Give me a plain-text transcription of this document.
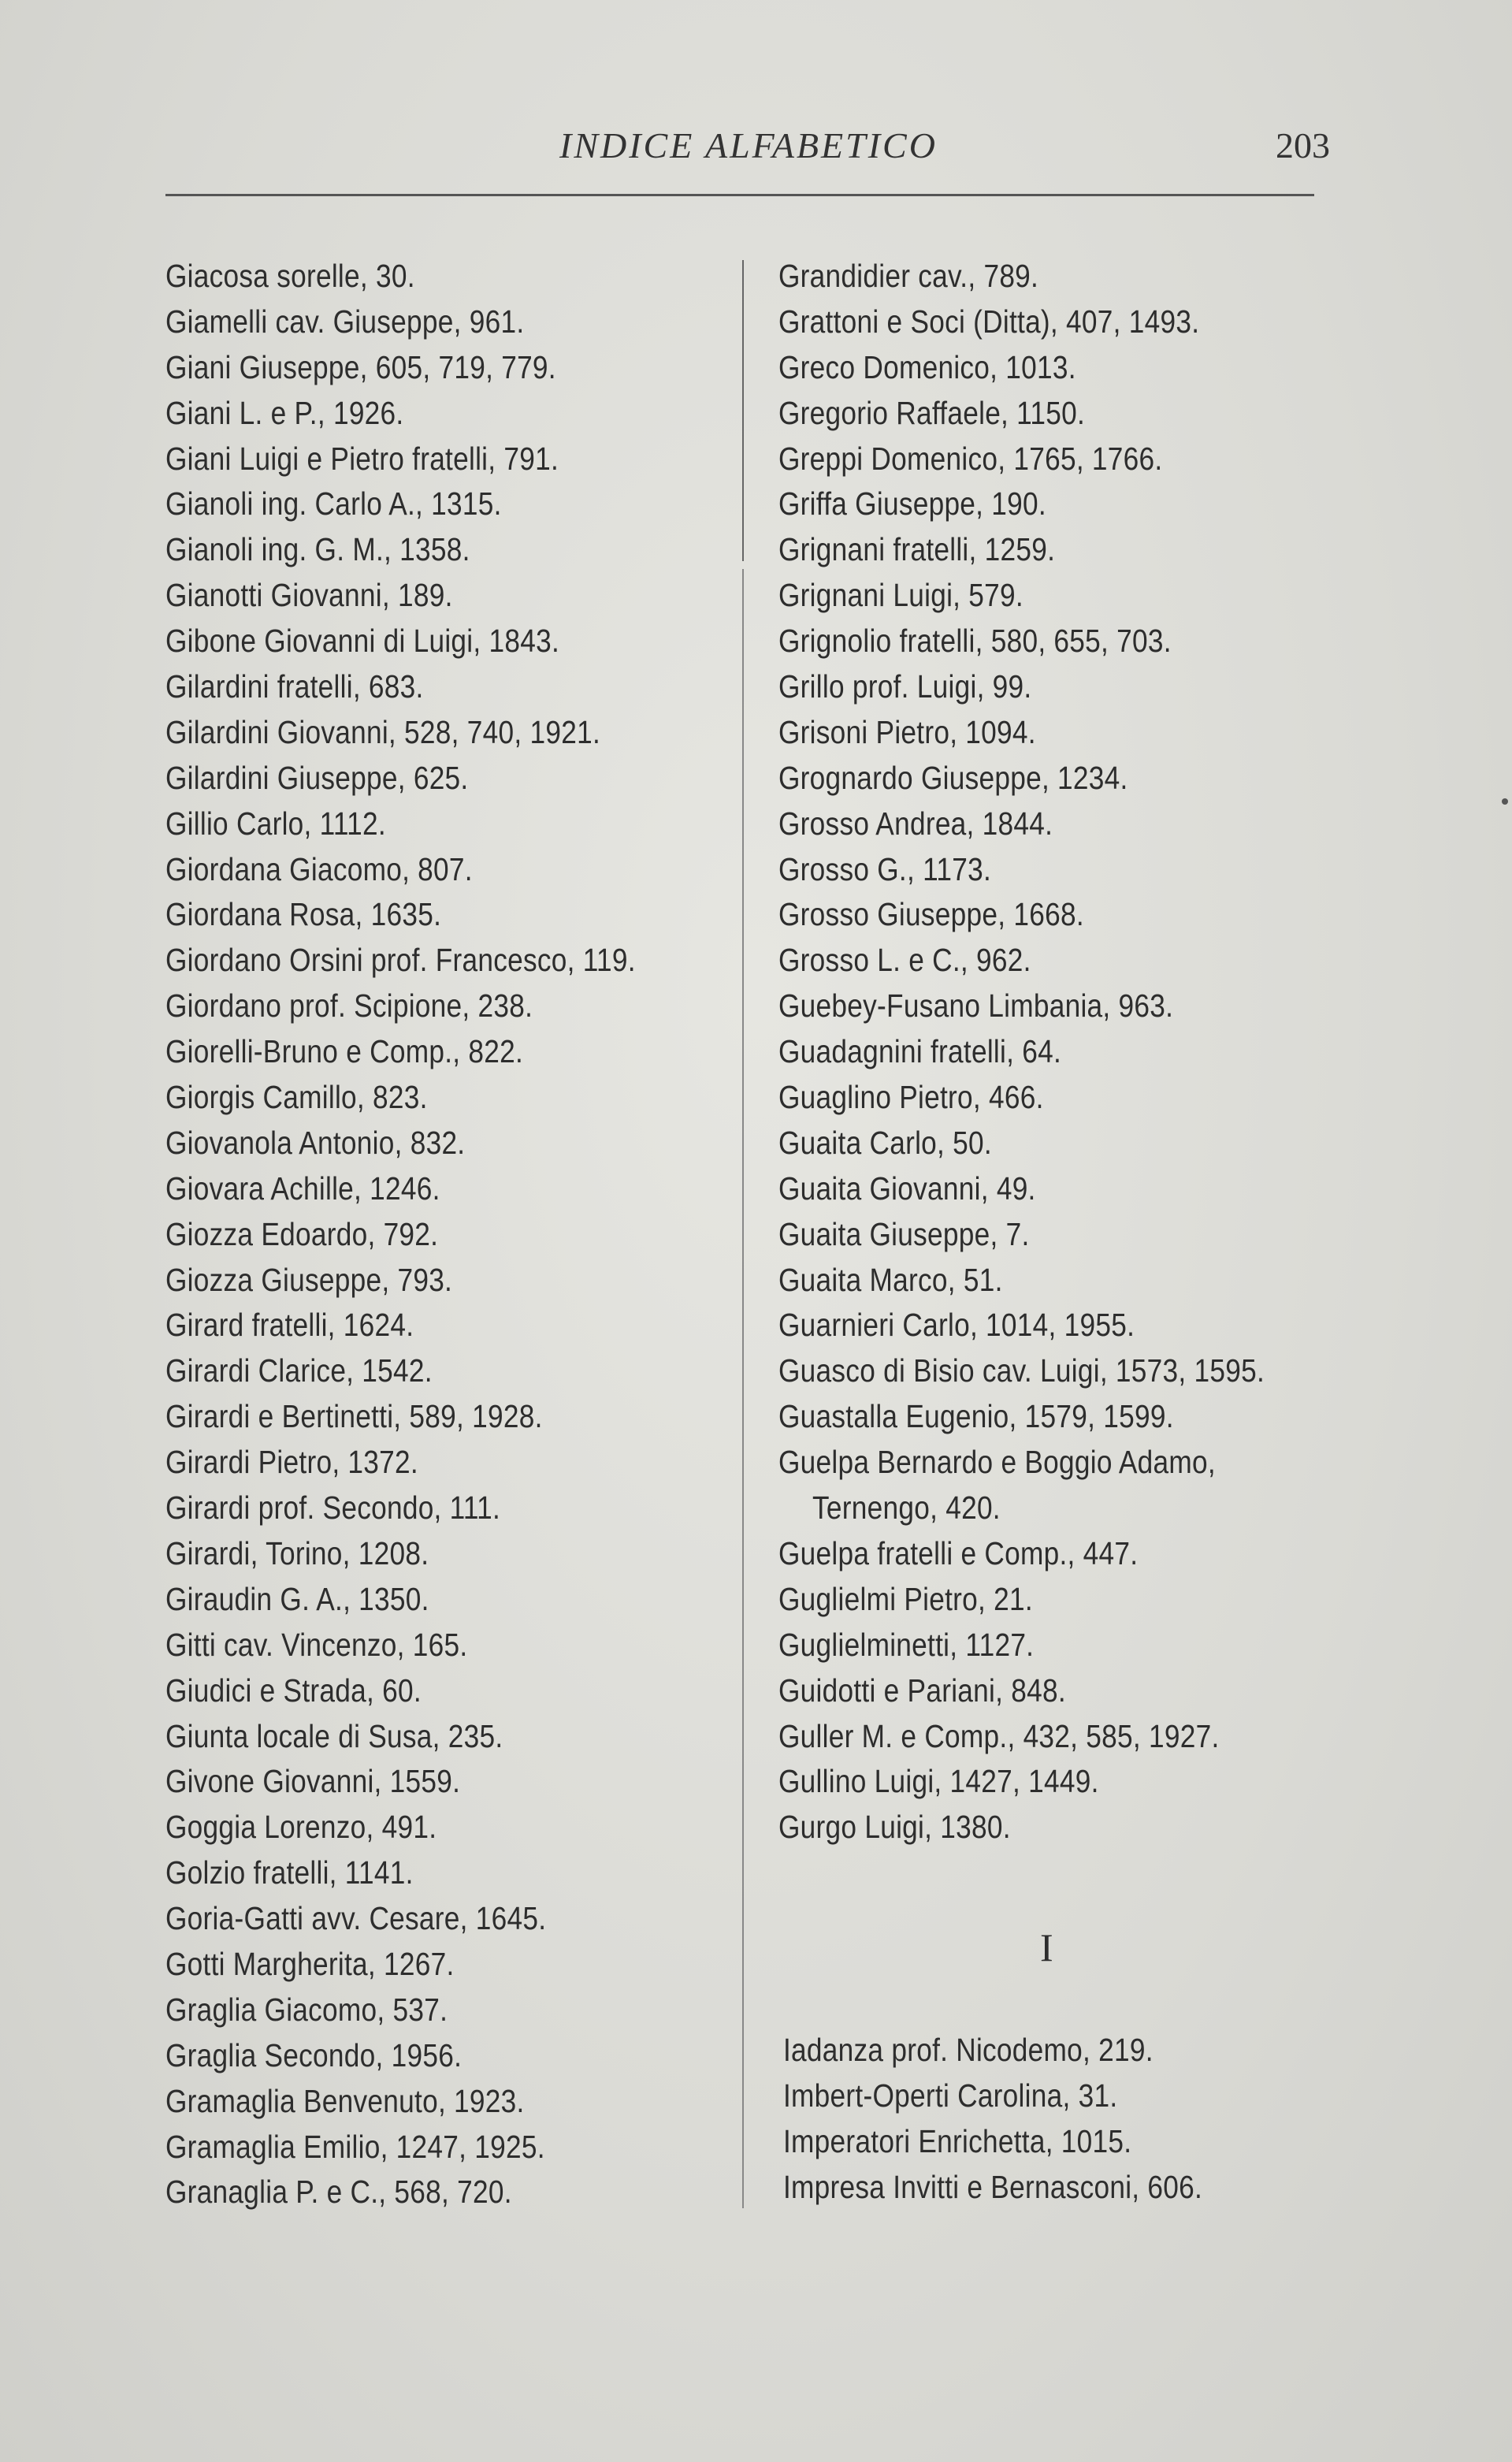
INDICE ALFABETICO	203
Giacosa sorelle, 30.
Giamelli cav. Giuseppe, 961.
Giani Giuseppe, 605, 719, 779.
Giani L. e P., 1926.
Giani Luigi e Pietro fratelli, 791.
Gianoli ing. Carlo A., 1315.
Gianoli ing. G. M., 1358.
Gianotti Giovanni, 189.
Gibone Giovanni di Luigi, 1843.
Gilardini fratelli, 683.
Gilardini Giovanni, 528, 740, 1921.
Gilardini Giuseppe, 625.
Gillio Carlo, 1112.
Giordana Giacomo, 807.
Giordana Rosa, 1635.
Giordano Orsini prof. Francesco, 119.
Giordano prof. Scipione, 238.
Giorelli-Bruno e Comp., 822.
Giorgis Camillo, 823.
Giovanola Antonio, 832.
Giovara Achille, 1246.
Giozza Edoardo, 792.
Giozza Giuseppe, 793.
Girard fratelli, 1624.
Girardi Clarice, 1542.
Girardi e Bertinetti, 589, 1928.
Girardi Pietro, 1372.
Girardi prof. Secondo, 111.
Girardi, Torino, 1208.
Giraudin G. A., 1350.
Gitti cav. Vincenzo, 165.
Giudici e Strada, 60.
Giunta locale di Susa, 235.
Givone Giovanni, 1559.
Goggia Lorenzo, 491.
Golzio fratelli, 1141.
Goria-Gatti avv. Cesare, 1645.
Gotti Margherita, 1267.
Graglia Giacomo, 537.
Graglia Secondo, 1956.
Gramaglia Benvenuto, 1923.
Gramaglia Emilio, 1247, 1925.
Granaglia P. e C., 568, 720.
Grandidier cav., 789.
Grattoni e Soci (Ditta), 407, 1493.
Greco Domenico, 1013.
Gregorio Raffaele, 1150.
Greppi Domenico, 1765, 1766.
Griffa Giuseppe, 190.
Grignani fratelli, 1259.
Grignani Luigi, 579.
Grignolio fratelli, 580, 655, 703.
Grillo prof. Luigi, 99.
Grisoni Pietro, 1094.
Grognardo Giuseppe, 1234.
Grosso Andrea, 1844.
Grosso G., 1173.
Grosso Giuseppe, 1668.
Grosso L. e C., 962.
Guebey-Fusano Limbania, 963.
Guadagnini fratelli, 64.
Guaglino Pietro, 466.
Guaita Carlo, 50.
Guaita Giovanni, 49.
Guaita Giuseppe, 7.
Guaita Marco, 51.
Guarnieri Carlo, 1014, 1955.
Guasco di Bisio cav. Luigi, 1573, 1595.
Guastalla Eugenio, 1579, 1599.
Guelpa Bernardo e Boggio Adamo,
Ternengo, 420.
Guelpa fratelli e Comp., 447.
Guglielmi Pietro, 21.
Guglielminetti, 1127.
Guidotti e Pariani, 848.
Guller M. e Comp., 432, 585, 1927.
Gullino Luigi, 1427, 1449.
Gurgo Luigi, 1380.
I
Iadanza prof. Nicodemo, 219.
Imbert-Operti Carolina, 31.
Imperatori Enrichetta, 1015.
Impresa Invitti e Bernasconi, 606.
